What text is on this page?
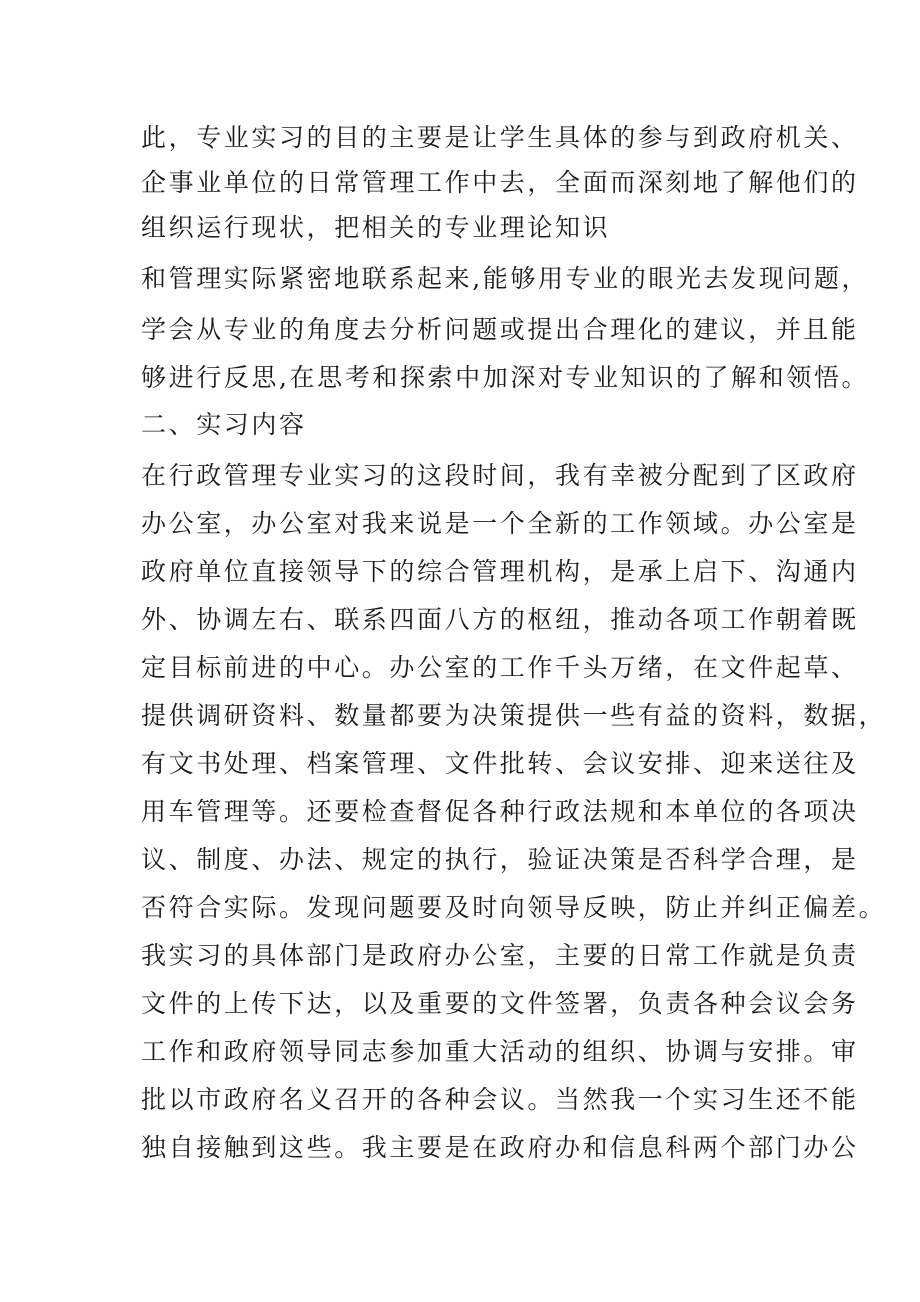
此，专业实习的目的主要是让学生具体的参与到政府机关、
企事业单位的日常管理工作中去，全面而深刻地了解他们的
组织运行现状，把相关的专业理论知识
和管理实际紧密地联系起来,能够用专业的眼光去发现问题，
学会从专业的角度去分析问题或提出合理化的建议，并且能
够进行反思,在思考和探索中加深对专业知识的了解和领悟。
二、实习内容
在行政管理专业实习的这段时间，我有幸被分配到了区政府
办公室，办公室对我来说是一个全新的工作领域。办公室是
政府单位直接领导下的综合管理机构，是承上启下、沟通内
外、协调左右、联系四面八方的枢纽，推动各项工作朝着既
定目标前进的中心。办公室的工作千头万绪，在文件起草、
提供调研资料、数量都要为决策提供一些有益的资料，数据，
有文书处理、档案管理、文件批转、会议安排、迎来送往及
用车管理等。还要检查督促各种行政法规和本单位的各项决
议、制度、办法、规定的执行，验证决策是否科学合理，是
否符合实际。发现问题要及时向领导反映，防止并纠正偏差。
我实习的具体部门是政府办公室，主要的日常工作就是负责
文件的上传下达，以及重要的文件签署，负责各种会议会务
工作和政府领导同志参加重大活动的组织、协调与安排。审
批以市政府名义召开的各种会议。当然我一个实习生还不能
独自接触到这些。我主要是在政府办和信息科两个部门办公
